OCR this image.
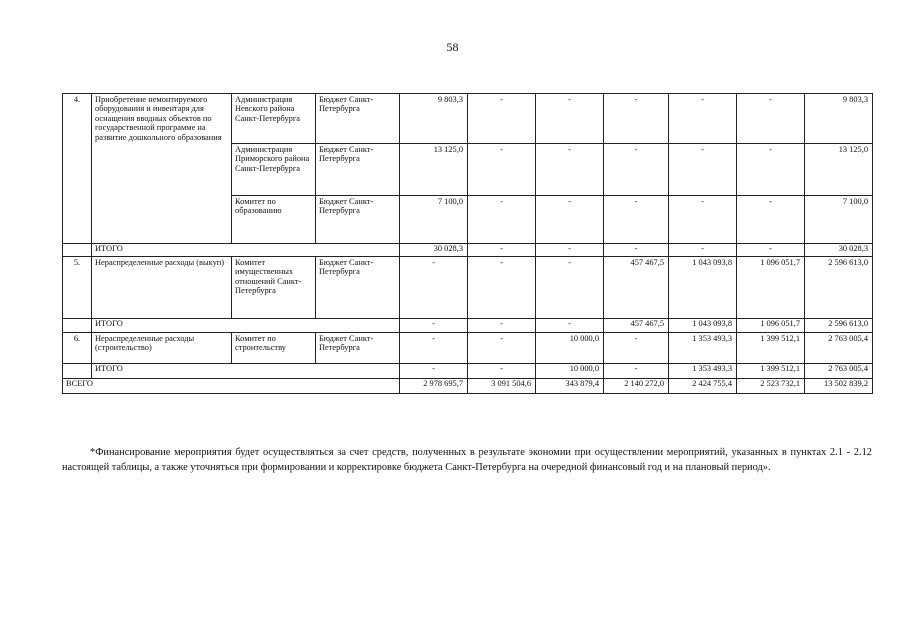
58
4.	Приобретение немонтируемого оборудования и инвентаря для оснащения вводных объектов по государственной программе на развитие дошкольного образования	Администрация Невского района Санкт-Петербурга	Бюджет Санкт-Петербурга	9 803,3	-	-	-	-	-	9 803,3
		Администрация Приморского района Санкт-Петербурга	Бюджет Санкт-Петербурга	13 125,0	-	-	-	-	-	13 125,0
		Комитет по образованию	Бюджет Санкт-Петербурга	7 100,0	-	-	-	-	-	7 100,0
	ИТОГО			30 028,3	-	-	-	-	-	30 028,3
5.	Нераспределенные расходы (выкуп)	Комитет имущественных отношений Санкт-Петербурга	Бюджет Санкт-Петербурга	-	-	-	457 467,5	1 043 093,8	1 096 051,7	2 596 613,0
	ИТОГО			-	-	-	457 467,5	1 043 093,8	1 096 051,7	2 596 613,0
6.	Нераспределенные расходы (строительство)	Комитет по строительству	Бюджет Санкт-Петербурга	-	-	10 000,0	-	1 353 493,3	1 399 512,1	2 763 005,4
	ИТОГО			-	-	10 000,0	-	1 353 493,3	1 399 512,1	2 763 005,4
ВСЕГО				2 978 695,7	3 091 504,6	343 879,4	2 140 272,0	2 424 755,4	2 523 732,1	13 502 839,2

*Финансирование мероприятия будет осуществляться за счет средств, полученных в результате экономии при осуществлении мероприятий, указанных в пунктах 2.1 - 2.12 настоящей таблицы, а также уточняться при формировании и корректировке бюджета Санкт-Петербурга на очередной финансовый год и на плановый период».
